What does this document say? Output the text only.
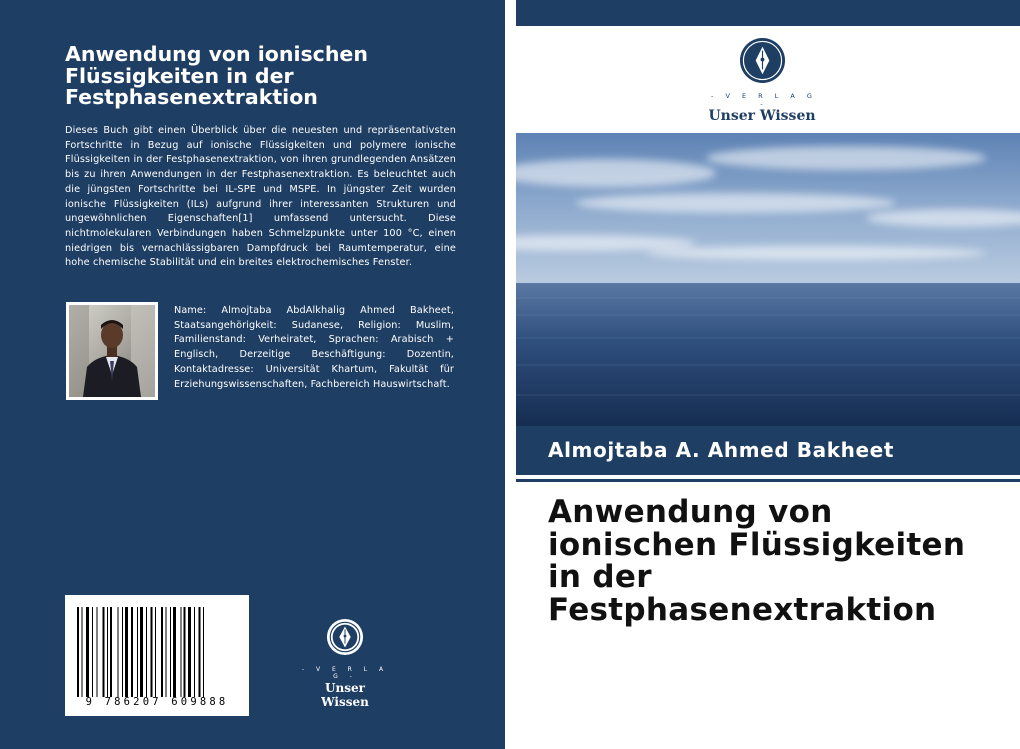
Anwendung von ionischen Flüssigkeiten in der Festphasenextraktion
Dieses Buch gibt einen Überblick über die neuesten und repräsentativsten Fortschritte in Bezug auf ionische Flüssigkeiten und polymere ionische Flüssigkeiten in der Festphasenextraktion, von ihren grundlegenden Ansätzen bis zu ihren Anwendungen in der Festphasenextraktion. Es beleuchtet auch die jüngsten Fortschritte bei IL-SPE und MSPE. In jüngster Zeit wurden ionische Flüssigkeiten (ILs) aufgrund ihrer interessanten Strukturen und ungewöhnlichen Eigenschaften[1] umfassend untersucht. Diese nichtmolekularen Verbindungen haben Schmelzpunkte unter 100 °C, einen niedrigen bis vernachlässigbaren Dampfdruck bei Raumtemperatur, eine hohe chemische Stabilität und ein breites elektrochemisches Fenster.
Name: Almojtaba AbdAlkhalig Ahmed Bakheet, Staatsangehörigkeit: Sudanese, Religion: Muslim, Familienstand: Verheiratet, Sprachen: Arabisch + Englisch, Derzeitige Beschäftigung: Dozentin, Kontaktadresse: Universität Khartum, Fakultät für Erziehungswissenschaften, Fachbereich Hauswirtschaft.
9 786207 609888
- V E R L A G -
Unser Wissen
- V E R L A G -
Unser Wissen
Almojtaba A. Ahmed Bakheet
Anwendung von ionischen Flüssigkeiten in der Festphasenextraktion
